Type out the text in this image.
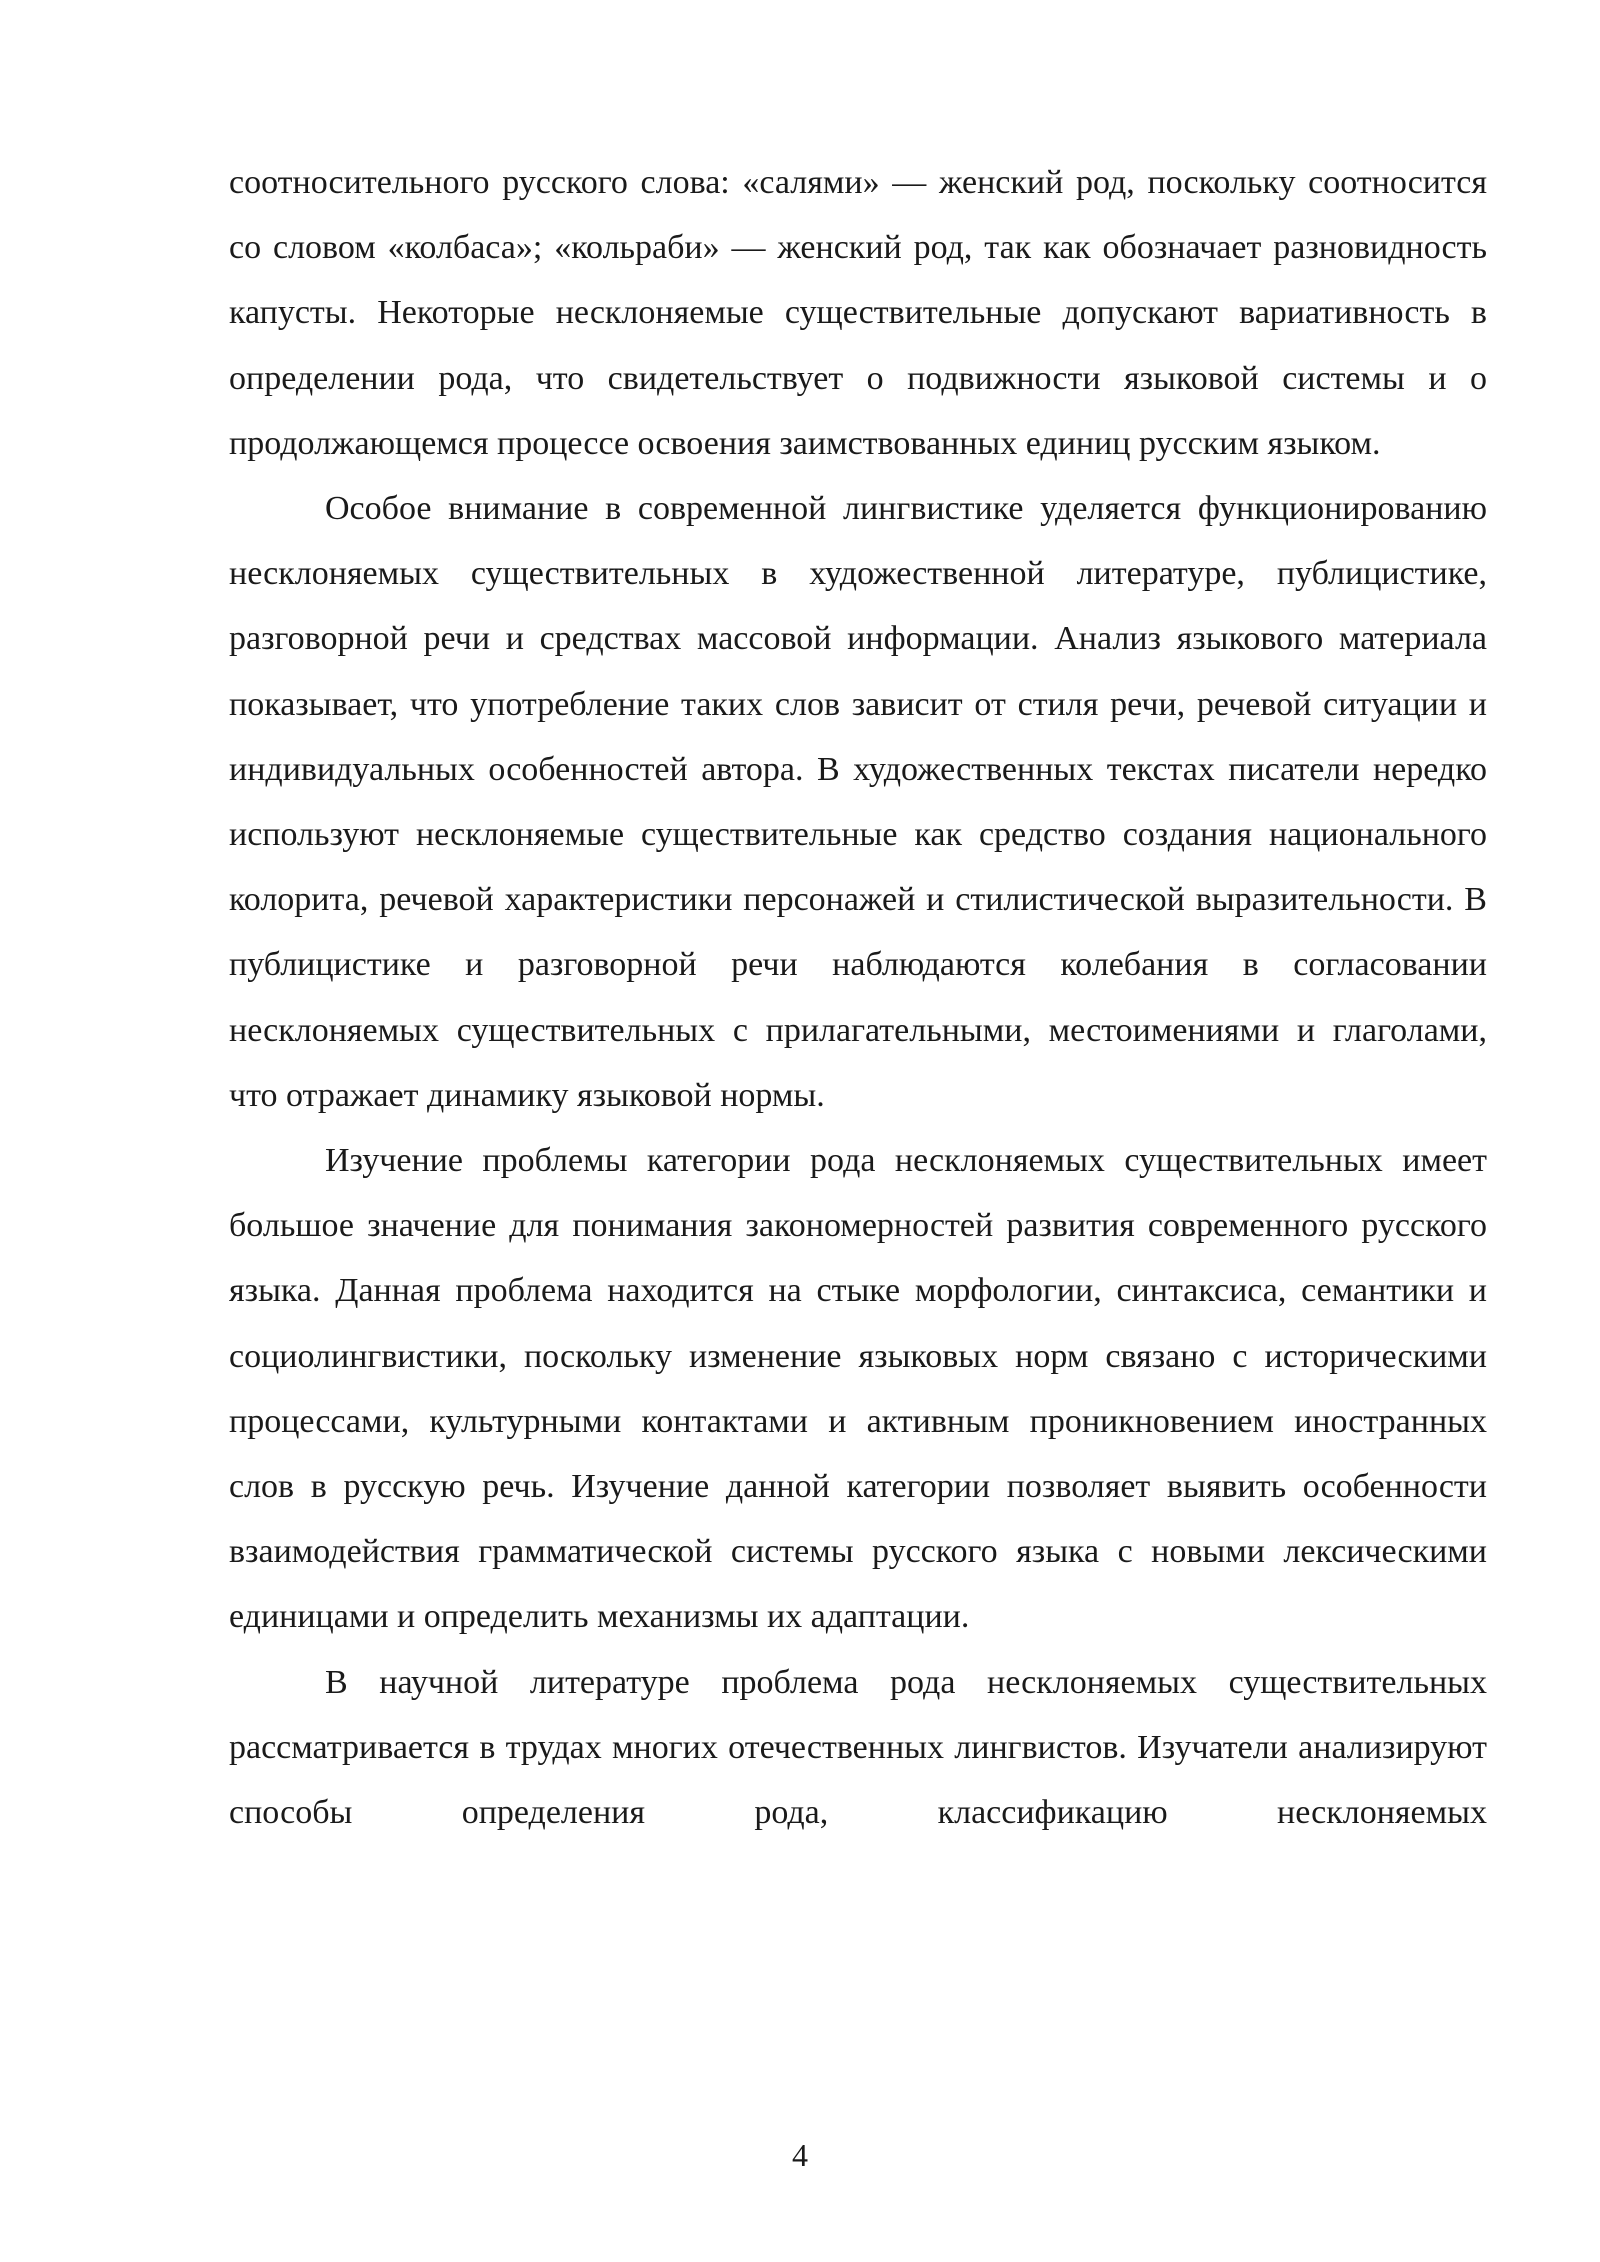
соотносительного русского слова: «салями» — женский род, поскольку соотносится со словом «колбаса»; «кольраби» — женский род, так как обозначает разновидность капусты. Некоторые несклоняемые существительные допускают вариативность в определении рода, что свидетельствует о подвижности языковой системы и о продолжающемся процессе освоения заимствованных единиц русским языком.

Особое внимание в современной лингвистике уделяется функционированию несклоняемых существительных в художественной литературе, публицистике, разговорной речи и средствах массовой информации. Анализ языкового материала показывает, что употребление таких слов зависит от стиля речи, речевой ситуации и индивидуальных особенностей автора. В художественных текстах писатели нередко используют несклоняемые существительные как средство создания национального колорита, речевой характеристики персонажей и стилистической выразительности. В публицистике и разговорной речи наблюдаются колебания в согласовании несклоняемых существительных с прилагательными, местоимениями и глаголами, что отражает динамику языковой нормы.

Изучение проблемы категории рода несклоняемых существительных имеет большое значение для понимания закономерностей развития современного русского языка. Данная проблема находится на стыке морфологии, синтаксиса, семантики и социолингвистики, поскольку изменение языковых норм связано с историческими процессами, культурными контактами и активным проникновением иностранных слов в русскую речь. Изучение данной категории позволяет выявить особенности взаимодействия грамматической системы русского языка с новыми лексическими единицами и определить механизмы их адаптации.

В научной литературе проблема рода несклоняемых существительных рассматривается в трудах многих отечественных лингвистов. Изучатели анализируют способы определения рода, классификацию несклоняемых

4
